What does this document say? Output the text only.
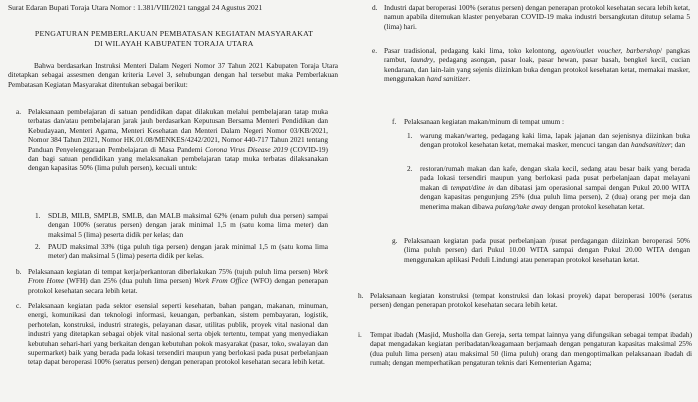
Surat Edaran Bupati Toraja Utara Nomor : 1.381/VIII/2021 tanggal 24 Agustus 2021
PENGATURAN PEMBERLAKUAN PEMBATASAN KEGIATAN MASYARAKAT
DI WILAYAH KABUPATEN TORAJA UTARA

Bahwa berdasarkan Instruksi Menteri Dalam Negeri Nomor 37 Tahun 2021 Kabupaten Toraja Utara ditetapkan sebagai assesmen dengan kriteria Level 3, sehubungan dengan hal tersebut maka Pemberlakuan Pembatasan Kegiatan Masyarakat ditentukan sebagai berikut:

a. Pelaksanaan pembelajaran di satuan pendidikan dapat dilakukan melalui pembelajaran tatap muka terbatas dan/atau pembelajaran jarak jauh berdasarkan Keputusan Bersama Menteri Pendidikan dan Kebudayaan, Menteri Agama, Menteri Kesehatan dan Menteri Dalam Negeri Nomor 03/KB/2021, Nomor 384 Tahun 2021, Nomor HK.01.08/MENKES/4242/2021, Nomor 440-717 Tahun 2021 tentang Panduan Penyelenggaraan Pembelajaran di Masa Pandemi Corona Virus Disease 2019 (COVID-19) dan bagi satuan pendidikan yang melaksanakan pembelajaran tatap muka terbatas dilaksanakan dengan kapasitas 50% (lima puluh persen), kecuali untuk:

1. SDLB, MILB, SMPLB, SMLB, dan MALB maksimal 62% (enam puluh dua persen) sampai dengan 100% (seratus persen) dengan jarak minimal 1,5 m (satu koma lima meter) dan maksimal 5 (lima) peserta didik per kelas; dan

2. PAUD maksimal 33% (tiga puluh tiga persen) dengan jarak minimal 1,5 m (satu koma lima meter) dan maksimal 5 (lima) peserta didik per kelas.

b. Pelaksanaan kegiatan di tempat kerja/perkantoran diberlakukan 75% (tujuh puluh lima persen) Work From Home (WFH) dan 25% (dua puluh lima persen) Work From Office (WFO) dengan penerapan protokol kesehatan secara lebih ketat.

c. Pelaksanaan kegiatan pada sektor esensial seperti kesehatan, bahan pangan, makanan, minuman, energi, komunikasi dan teknologi informasi, keuangan, perbankan, sistem pembayaran, logistik, perhotelan, konstruksi, industri strategis, pelayanan dasar, utilitas publik, proyek vital nasional dan industri yang ditetapkan sebagai objek vital nasional serta objek tertentu, tempat yang menyediakan kebutuhan sehari-hari yang berkaitan dengan kebutuhan pokok masyarakat (pasar, toko, swalayan dan supermarket) baik yang berada pada lokasi tersendiri maupun yang berlokasi pada pusat perbelanjaan tetap dapat beroperasi 100% (seratus persen) dengan penerapan protokol kesehatan secara lebih ketat.

d. Industri dapat beroperasi 100% (seratus persen) dengan penerapan protokol kesehatan secara lebih ketat, namun apabila ditemukan klaster penyebaran COVID-19 maka industri bersangkutan ditutup selama 5 (lima) hari.

e. Pasar tradisional, pedagang kaki lima, toko kelontong, agen/outlet voucher, barbershop/ pangkas rambut, laundry, pedagang asongan, pasar loak, pasar hewan, pasar basah, bengkel kecil, cucian kendaraan, dan lain-lain yang sejenis diizinkan buka dengan protokol kesehatan ketat, memakai masker, menggunakan hand sanitizer.

f. Pelaksanaan kegiatan makan/minum di tempat umum :

1. warung makan/warteg, pedagang kaki lima, lapak jajanan dan sejenisnya diizinkan buka dengan protokol kesehatan ketat, memakai masker, mencuci tangan dan handsanitizer; dan

2. restoran/rumah makan dan kafe, dengan skala kecil, sedang atau besar baik yang berada pada lokasi tersendiri maupun yang berlokasi pada pusat perbelanjaan dapat melayani makan di tempat/dine in dan dibatasi jam operasional sampai dengan Pukul 20.00 WITA dengan kapasitas pengunjung 25% (dua puluh lima persen), 2 (dua) orang per meja dan menerima makan dibawa pulang/take away dengan protokol kesehatan ketat.

g. Pelaksanaan kegiatan pada pusat perbelanjaan /pusat perdagangan diizinkan beroperasi 50% (lima puluh persen) dari Pukul 10.00 WITA sampai dengan Pukul 20.00 WITA dengan menggunakan aplikasi Peduli Lindungi atau penerapan protokol kesehatan ketat.

h. Pelaksanaan kegiatan konstruksi (tempat konstruksi dan lokasi proyek) dapat beroperasi 100% (seratus persen) dengan penerapan protokol kesehatan secara lebih ketat.

i. Tempat ibadah (Masjid, Musholla dan Gereja, serta tempat lainnya yang difungsikan sebagai tempat ibadah) dapat mengadakan kegiatan peribadatan/keagamaan berjamaah dengan pengaturan kapasitas maksimal 25% (dua puluh lima persen) atau maksimal 50 (lima puluh) orang dan mengoptimalkan pelaksanaan ibadah di rumah; dengan memperhatikan pengaturan teknis dari Kementerian Agama;
